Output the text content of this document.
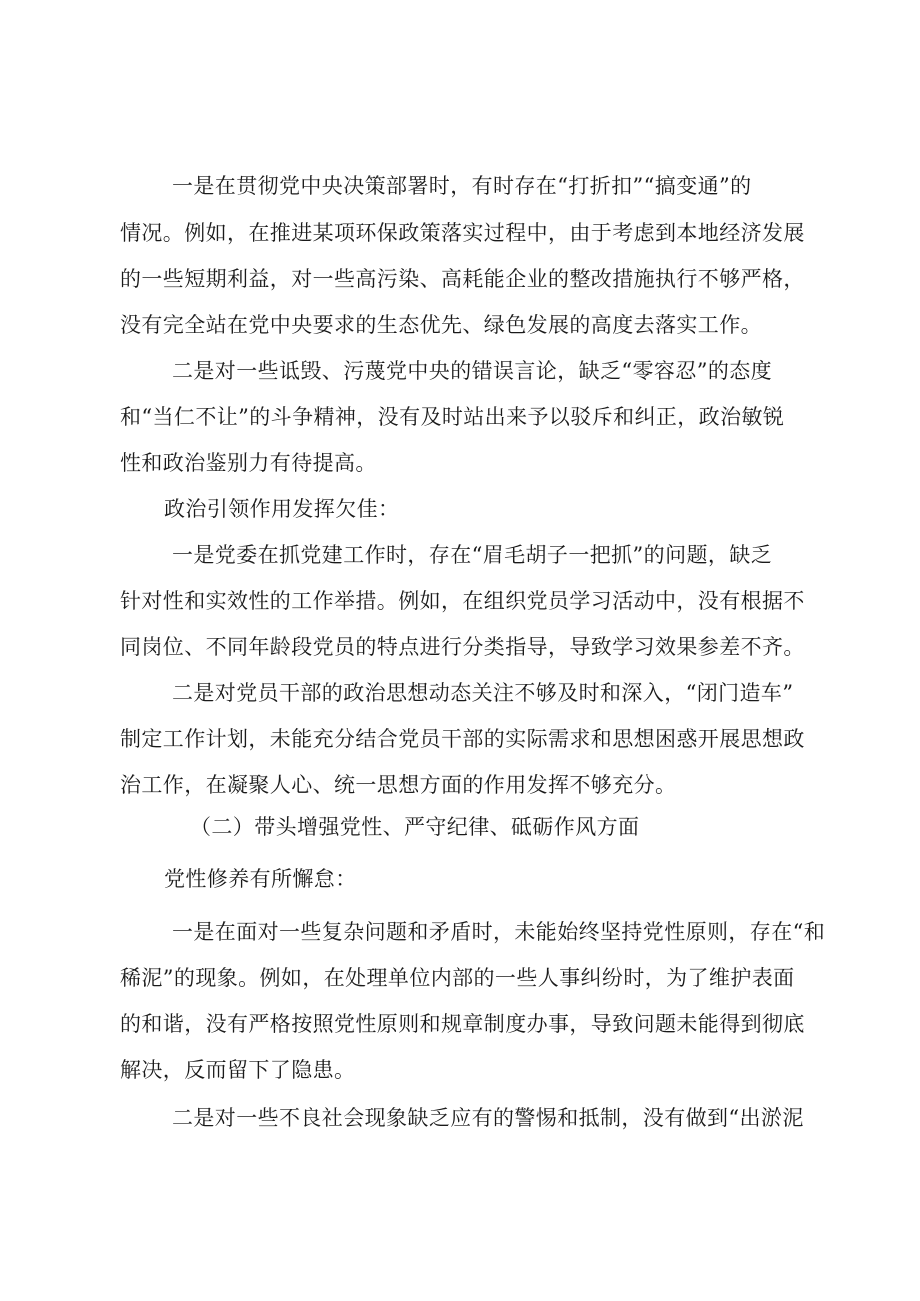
一是在贯彻党中央决策部署时，有时存在“打折扣”“搞变通”的

情况。例如，在推进某项环保政策落实过程中，由于考虑到本地经济发展

的一些短期利益，对一些高污染、高耗能企业的整改措施执行不够严格，

没有完全站在党中央要求的生态优先、绿色发展的高度去落实工作。

二是对一些诋毁、污蔑党中央的错误言论，缺乏“零容忍”的态度

和“当仁不让”的斗争精神，没有及时站出来予以驳斥和纠正，政治敏锐

性和政治鉴别力有待提高。

政治引领作用发挥欠佳：

一是党委在抓党建工作时，存在“眉毛胡子一把抓”的问题，缺乏

针对性和实效性的工作举措。例如，在组织党员学习活动中，没有根据不

同岗位、不同年龄段党员的特点进行分类指导，导致学习效果参差不齐。

二是对党员干部的政治思想动态关注不够及时和深入，“闭门造车”

制定工作计划，未能充分结合党员干部的实际需求和思想困惑开展思想政

治工作，在凝聚人心、统一思想方面的作用发挥不够充分。

（二）带头增强党性、严守纪律、砥砺作风方面

党性修养有所懈怠：

一是在面对一些复杂问题和矛盾时，未能始终坚持党性原则，存在“和

稀泥”的现象。例如，在处理单位内部的一些人事纠纷时，为了维护表面

的和谐，没有严格按照党性原则和规章制度办事，导致问题未能得到彻底

解决，反而留下了隐患。

二是对一些不良社会现象缺乏应有的警惕和抵制，没有做到“出淤泥
